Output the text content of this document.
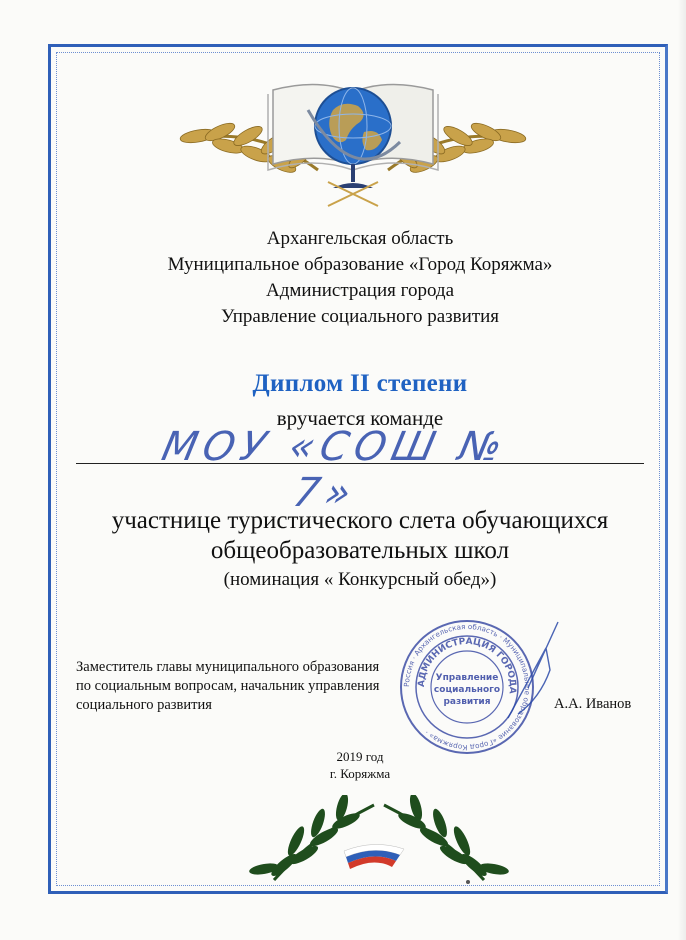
Архангельская область
Муниципальное образование «Город Коряжма»
Администрация города
Управление социального развития
Диплом II степени
вручается команде
МОУ «СОШ № 7»
участнице туристического слета обучающихся
общеобразовательных школ
(номинация « Конкурсный обед»)
Заместитель главы муниципального образования
по социальным вопросам, начальник управления
социального развития
Россия · Архангельская область · Муниципальное образование «Город Коряжма» ·
АДМИНИСТРАЦИЯ ГОРОДА
Управление
социального
развития	А.А. Иванов
2019 год
г. Коряжма
